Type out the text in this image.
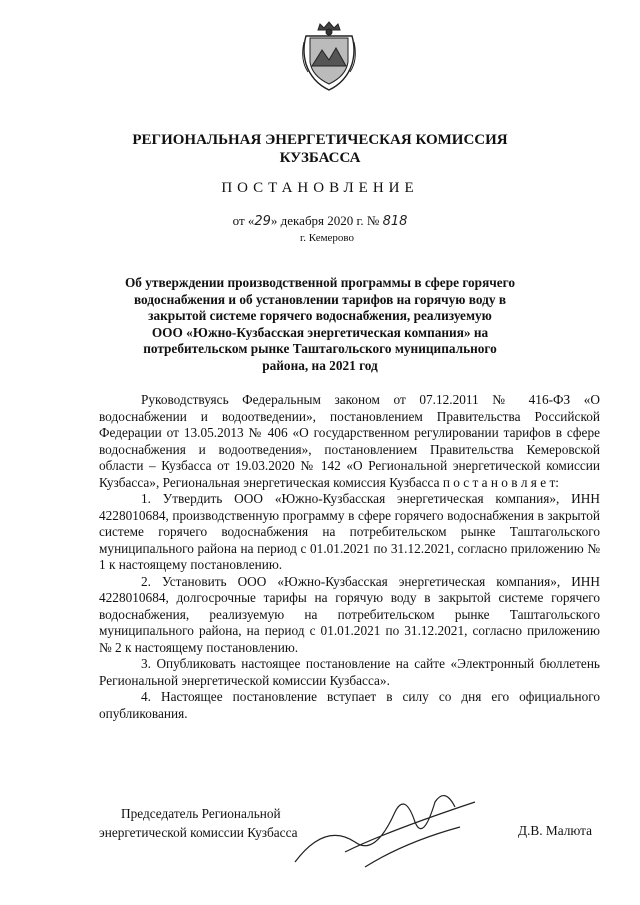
РЕГИОНАЛЬНАЯ ЭНЕРГЕТИЧЕСКАЯ КОМИССИЯ
КУЗБАССА
ПОСТАНОВЛЕНИЕ
от «29» декабря 2020 г. № 818
г. Кемерово
Об утверждении производственной программы в сфере горячего
водоснабжения и об установлении тарифов на горячую воду в
закрытой системе горячего водоснабжения, реализуемую
ООО «Южно-Кузбасская энергетическая компания» на
потребительском рынке Таштагольского муниципального
района, на 2021 год

Руководствуясь Федеральным законом от 07.12.2011 № 416-ФЗ «О водоснабжении и водоотведении», постановлением Правительства Российской Федерации от 13.05.2013 № 406 «О государственном регулировании тарифов в сфере водоснабжения и водоотведения», постановлением Правительства Кемеровской области – Кузбасса от 19.03.2020 № 142 «О Региональной энергетической комиссии Кузбасса», Региональная энергетическая комиссия Кузбасса п о с т а н о в л я е т:

1. Утвердить ООО «Южно-Кузбасская энергетическая компания», ИНН 4228010684, производственную программу в сфере горячего водоснабжения в закрытой системе горячего водоснабжения на потребительском рынке Таштагольского муниципального района на период с 01.01.2021 по 31.12.2021, согласно приложению № 1 к настоящему постановлению.

2. Установить ООО «Южно-Кузбасская энергетическая компания», ИНН 4228010684, долгосрочные тарифы на горячую воду в закрытой системе горячего водоснабжения, реализуемую на потребительском рынке Таштагольского муниципального района, на период с 01.01.2021 по 31.12.2021, согласно приложению № 2 к настоящему постановлению.

3. Опубликовать настоящее постановление на сайте «Электронный бюллетень Региональной энергетической комиссии Кузбасса».

4. Настоящее постановление вступает в силу со дня его официального опубликования.

Председатель Региональной
энергетической комиссии Кузбасса	Д.В. Малюта
